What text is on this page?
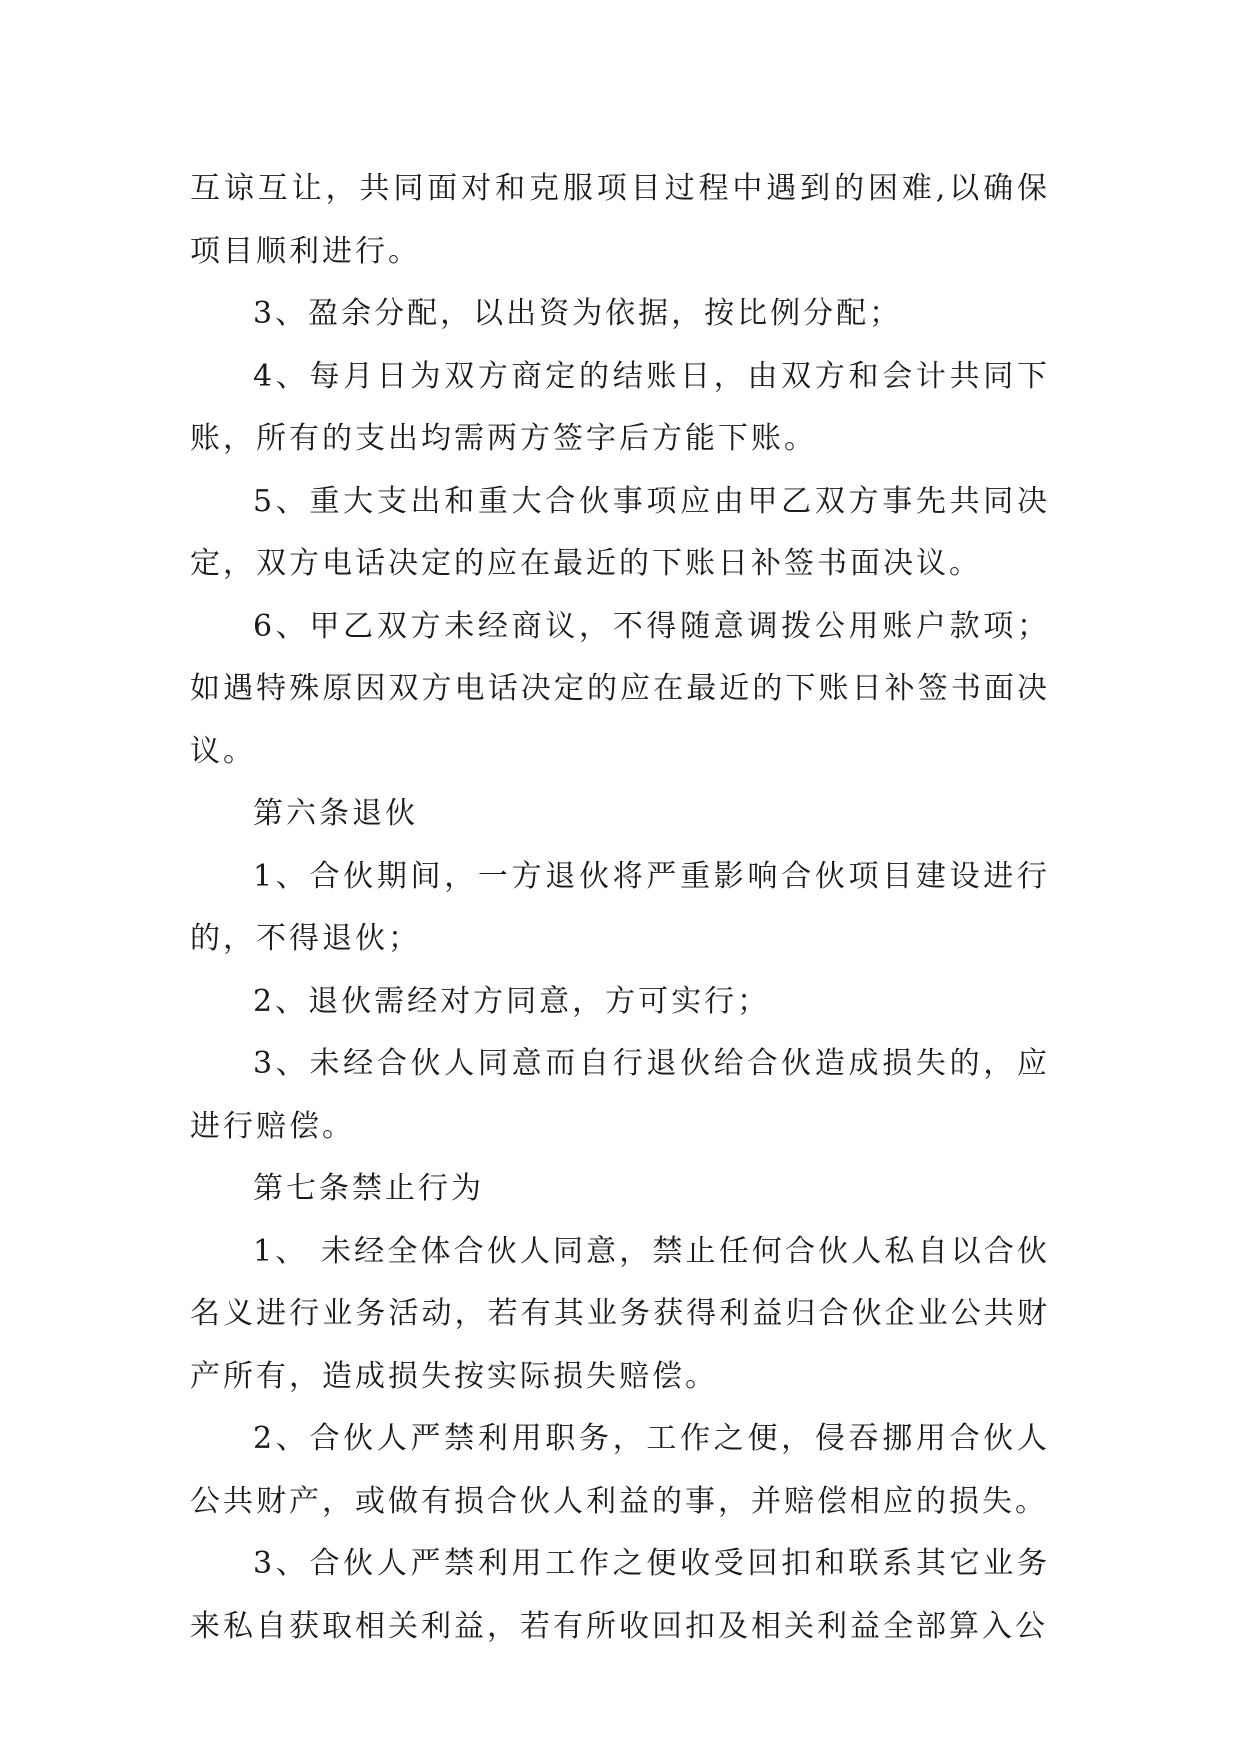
互谅互让，共同面对和克服项目过程中遇到的困难,以确保项目顺利进行。

3、盈余分配，以出资为依据，按比例分配；

4、每月日为双方商定的结账日，由双方和会计共同下账，所有的支出均需两方签字后方能下账。

5、重大支出和重大合伙事项应由甲乙双方事先共同决定，双方电话决定的应在最近的下账日补签书面决议。

6、甲乙双方未经商议，不得随意调拨公用账户款项；如遇特殊原因双方电话决定的应在最近的下账日补签书面决议。

第六条退伙

1、合伙期间，一方退伙将严重影响合伙项目建设进行的，不得退伙；

2、退伙需经对方同意，方可实行；

3、未经合伙人同意而自行退伙给合伙造成损失的，应进行赔偿。

第七条禁止行为

1、 未经全体合伙人同意，禁止任何合伙人私自以合伙名义进行业务活动，若有其业务获得利益归合伙企业公共财产所有，造成损失按实际损失赔偿。

2、合伙人严禁利用职务，工作之便，侵吞挪用合伙人公共财产，或做有损合伙人利益的事，并赔偿相应的损失。

3、合伙人严禁利用工作之便收受回扣和联系其它业务来私自获取相关利益，若有所收回扣及相关利益全部算入公
